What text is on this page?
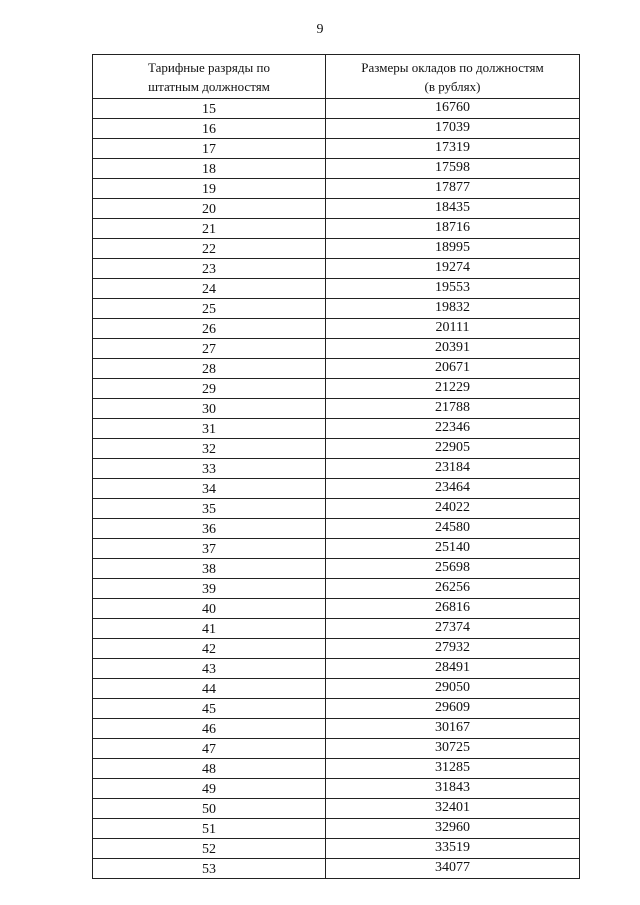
9
Тарифные разряды по
штатным должностям	Размеры окладов по должностям
(в рублях)

15	16760
16	17039
17	17319
18	17598
19	17877
20	18435
21	18716
22	18995
23	19274
24	19553
25	19832
26	20111
27	20391
28	20671
29	21229
30	21788
31	22346
32	22905
33	23184
34	23464
35	24022
36	24580
37	25140
38	25698
39	26256
40	26816
41	27374
42	27932
43	28491
44	29050
45	29609
46	30167
47	30725
48	31285
49	31843
50	32401
51	32960
52	33519
53	34077
